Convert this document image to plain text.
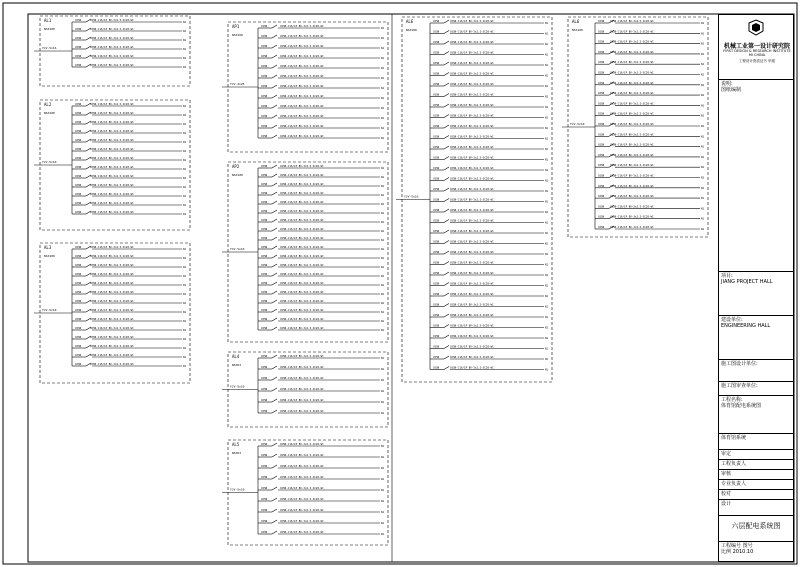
AL1
NSX100
YJV-5x16
C65N	C65N-C16/1P BV-3x2.5-SC20-WC
N1
C65N	C65N-C16/1P BV-3x2.5-SC20-WC
N1
C65N	C65N-C16/1P BV-3x2.5-SC20-WC
N1
C65N	C65N-C16/1P BV-3x2.5-SC20-WC
N1
C65N	C65N-C16/1P BV-3x2.5-SC20-WC
N1
C65N	C65N-C16/1P BV-3x2.5-SC20-WC
N1
AL2
NSX100
YJV-5x10
C65N	C65N-C16/1P BV-3x2.5-SC20-WC
N1
C65N	C65N-C16/1P BV-3x2.5-SC20-WC
N1
C65N	C65N-C16/1P BV-3x2.5-SC20-WC
N1
C65N	C65N-C16/1P BV-3x2.5-SC20-WC
N1
C65N	C65N-C16/1P BV-3x2.5-SC20-WC
N1
C65N	C65N-C16/1P BV-3x2.5-SC20-WC
N1
C65N	C65N-C16/1P BV-3x2.5-SC20-WC
N1
C65N	C65N-C16/1P BV-3x2.5-SC20-WC
N1
C65N	C65N-C16/1P BV-3x2.5-SC20-WC
N1
C65N	C65N-C16/1P BV-3x2.5-SC20-WC
N1
C65N	C65N-C16/1P BV-3x2.5-SC20-WC
N1
C65N	C65N-C16/1P BV-3x2.5-SC20-WC
N1
C65N	C65N-C16/1P BV-3x2.5-SC20-WC
N1
AL3
NSX100
YJV-5x10
C65N	C65N-C16/1P BV-3x2.5-SC20-WC
N1
C65N	C65N-C16/1P BV-3x2.5-SC20-WC
N1
C65N	C65N-C16/1P BV-3x2.5-SC20-WC
N1
C65N	C65N-C16/1P BV-3x2.5-SC20-WC
N1
C65N	C65N-C16/1P BV-3x2.5-SC20-WC
N1
C65N	C65N-C16/1P BV-3x2.5-SC20-WC
N1
C65N	C65N-C16/1P BV-3x2.5-SC20-WC
N1
C65N	C65N-C16/1P BV-3x2.5-SC20-WC
N1
C65N	C65N-C16/1P BV-3x2.5-SC20-WC
N1
C65N	C65N-C16/1P BV-3x2.5-SC20-WC
N1
C65N	C65N-C16/1P BV-3x2.5-SC20-WC
N1
C65N	C65N-C16/1P BV-3x2.5-SC20-WC
N1
C65N	C65N-C16/1P BV-3x2.5-SC20-WC
N1
C65N	C65N-C16/1P BV-3x2.5-SC20-WC
N1
AP1
NSX160
YJV-4x25
C65N	C65N-C16/1P BV-3x2.5-SC20-WC
N1
C65N	C65N-C16/1P BV-3x2.5-SC20-WC
N1
C65N	C65N-C16/1P BV-3x2.5-SC20-WC
N1
C65N	C65N-C16/1P BV-3x2.5-SC20-WC
N1
C65N	C65N-C16/1P BV-3x2.5-SC20-WC
N1
C65N	C65N-C16/1P BV-3x2.5-SC20-WC
N1
C65N	C65N-C16/1P BV-3x2.5-SC20-WC
N1
C65N	C65N-C16/1P BV-3x2.5-SC20-WC
N1
C65N	C65N-C16/1P BV-3x2.5-SC20-WC
N1
C65N	C65N-C16/1P BV-3x2.5-SC20-WC
N1
C65N	C65N-C16/1P BV-3x2.5-SC20-WC
N1
C65N	C65N-C16/1P BV-3x2.5-SC20-WC
N1
AP2
NSX100
YJV-5x16
C65N	C65N-C16/1P BV-3x2.5-SC20-WC
N1
C65N	C65N-C16/1P BV-3x2.5-SC20-WC
N1
C65N	C65N-C16/1P BV-3x2.5-SC20-WC
N1
C65N	C65N-C16/1P BV-3x2.5-SC20-WC
N1
C65N	C65N-C16/1P BV-3x2.5-SC20-WC
N1
C65N	C65N-C16/1P BV-3x2.5-SC20-WC
N1
C65N	C65N-C16/1P BV-3x2.5-SC20-WC
N1
C65N	C65N-C16/1P BV-3x2.5-SC20-WC
N1
C65N	C65N-C16/1P BV-3x2.5-SC20-WC
N1
C65N	C65N-C16/1P BV-3x2.5-SC20-WC
N1
C65N	C65N-C16/1P BV-3x2.5-SC20-WC
N1
C65N	C65N-C16/1P BV-3x2.5-SC20-WC
N1
C65N	C65N-C16/1P BV-3x2.5-SC20-WC
N1
C65N	C65N-C16/1P BV-3x2.5-SC20-WC
N1
C65N	C65N-C16/1P BV-3x2.5-SC20-WC
N1
C65N	C65N-C16/1P BV-3x2.5-SC20-WC
N1
C65N	C65N-C16/1P BV-3x2.5-SC20-WC
N1
C65N	C65N-C16/1P BV-3x2.5-SC20-WC
N1
C65N	C65N-C16/1P BV-3x2.5-SC20-WC
N1
AL4
NSX63
YJV-5x10
C65N	C65N-C16/1P BV-3x2.5-SC20-WC
N1
C65N	C65N-C16/1P BV-3x2.5-SC20-WC
N1
C65N	C65N-C16/1P BV-3x2.5-SC20-WC
N1
C65N	C65N-C16/1P BV-3x2.5-SC20-WC
N1
C65N	C65N-C16/1P BV-3x2.5-SC20-WC
N1
C65N	C65N-C16/1P BV-3x2.5-SC20-WC
N1
AL5
NSX63
YJV-5x10
C65N	C65N-C16/1P BV-3x2.5-SC20-WC
N1
C65N	C65N-C16/1P BV-3x2.5-SC20-WC
N1
C65N	C65N-C16/1P BV-3x2.5-SC20-WC
N1
C65N	C65N-C16/1P BV-3x2.5-SC20-WC
N1
C65N	C65N-C16/1P BV-3x2.5-SC20-WC
N1
C65N	C65N-C16/1P BV-3x2.5-SC20-WC
N1
C65N	C65N-C16/1P BV-3x2.5-SC20-WC
N1
C65N	C65N-C16/1P BV-3x2.5-SC20-WC
N1
C65N	C65N-C16/1P BV-3x2.5-SC20-WC
N1
ALE
NSX100
YJV-5x16
C65N	C65N-C16/1P BV-3x2.5-SC20-WC
N1
C65N	C65N-C16/1P BV-3x2.5-SC20-WC
N1
C65N	C65N-C16/1P BV-3x2.5-SC20-WC
N1
C65N	C65N-C16/1P BV-3x2.5-SC20-WC
N1
C65N	C65N-C16/1P BV-3x2.5-SC20-WC
N1
C65N	C65N-C16/1P BV-3x2.5-SC20-WC
N1
C65N	C65N-C16/1P BV-3x2.5-SC20-WC
N1
C65N	C65N-C16/1P BV-3x2.5-SC20-WC
N1
C65N	C65N-C16/1P BV-3x2.5-SC20-WC
N1
C65N	C65N-C16/1P BV-3x2.5-SC20-WC
N1
C65N	C65N-C16/1P BV-3x2.5-SC20-WC
N1
C65N	C65N-C16/1P BV-3x2.5-SC20-WC
N1
C65N	C65N-C16/1P BV-3x2.5-SC20-WC
N1
C65N	C65N-C16/1P BV-3x2.5-SC20-WC
N1
C65N	C65N-C16/1P BV-3x2.5-SC20-WC
N1
C65N	C65N-C16/1P BV-3x2.5-SC20-WC
N1
C65N	C65N-C16/1P BV-3x2.5-SC20-WC
N1
C65N	C65N-C16/1P BV-3x2.5-SC20-WC
N1
C65N	C65N-C16/1P BV-3x2.5-SC20-WC
N1
C65N	C65N-C16/1P BV-3x2.5-SC20-WC
N1
C65N	C65N-C16/1P BV-3x2.5-SC20-WC
N1
C65N	C65N-C16/1P BV-3x2.5-SC20-WC
N1
C65N	C65N-C16/1P BV-3x2.5-SC20-WC
N1
C65N	C65N-C16/1P BV-3x2.5-SC20-WC
N1
C65N	C65N-C16/1P BV-3x2.5-SC20-WC
N1
C65N	C65N-C16/1P BV-3x2.5-SC20-WC
N1
C65N	C65N-C16/1P BV-3x2.5-SC20-WC
N1
C65N	C65N-C16/1P BV-3x2.5-SC20-WC
N1
C65N	C65N-C16/1P BV-3x2.5-SC20-WC
N1
C65N	C65N-C16/1P BV-3x2.5-SC20-WC
N1
C65N	C65N-C16/1P BV-3x2.5-SC20-WC
N1
C65N	C65N-C16/1P BV-3x2.5-SC20-WC
N1
C65N	C65N-C16/1P BV-3x2.5-SC20-WC
N1
C65N	C65N-C16/1P BV-3x2.5-SC20-WC
N1
AL6
NSX100
YJV-5x10
C65N C65N-C16/1P BV-3x2.5-SC20-WC
N1
C65N C65N-C16/1P BV-3x2.5-SC20-WC
N1
C65N C65N-C16/1P BV-3x2.5-SC20-WC
N1
C65N C65N-C16/1P BV-3x2.5-SC20-WC
N1
C65N C65N-C16/1P BV-3x2.5-SC20-WC
N1
C65N C65N-C16/1P BV-3x2.5-SC20-WC
N1
C65N C65N-C16/1P BV-3x2.5-SC20-WC
N1
C65N C65N-C16/1P BV-3x2.5-SC20-WC
N1
C65N C65N-C16/1P BV-3x2.5-SC20-WC
N1
C65N C65N-C16/1P BV-3x2.5-SC20-WC
N1
C65N C65N-C16/1P BV-3x2.5-SC20-WC
N1
C65N C65N-C16/1P BV-3x2.5-SC20-WC
N1
C65N C65N-C16/1P BV-3x2.5-SC20-WC
N1
C65N C65N-C16/1P BV-3x2.5-SC20-WC
N1
C65N C65N-C16/1P BV-3x2.5-SC20-WC
N1
C65N C65N-C16/1P BV-3x2.5-SC20-WC
N1
C65N C65N-C16/1P BV-3x2.5-SC20-WC
N1
C65N C65N-C16/1P BV-3x2.5-SC20-WC
N1
C65N C65N-C16/1P BV-3x2.5-SC20-WC
N1
C65N C65N-C16/1P BV-3x2.5-SC20-WC
N1
C65N C65N-C16/1P BV-3x2.5-SC20-WC
N1
机械工业第一设计研究院
FIRST DESIGN & RESEARCH INSTITUTE MI CHINA
工程设计资质证书 甲级
说明:
图纸编制
项目:
JIANG PROJECT HALL
建设单位:
ENGINEERING HALL
施工图设计单位:
施工图审查单位:
工程名称:
体育馆配电系统图
体育馆系统
审定
工程负责人
审核
专业负责人
校对
设计
六层配电系统图
工程编号 图号
比例 2010.10
